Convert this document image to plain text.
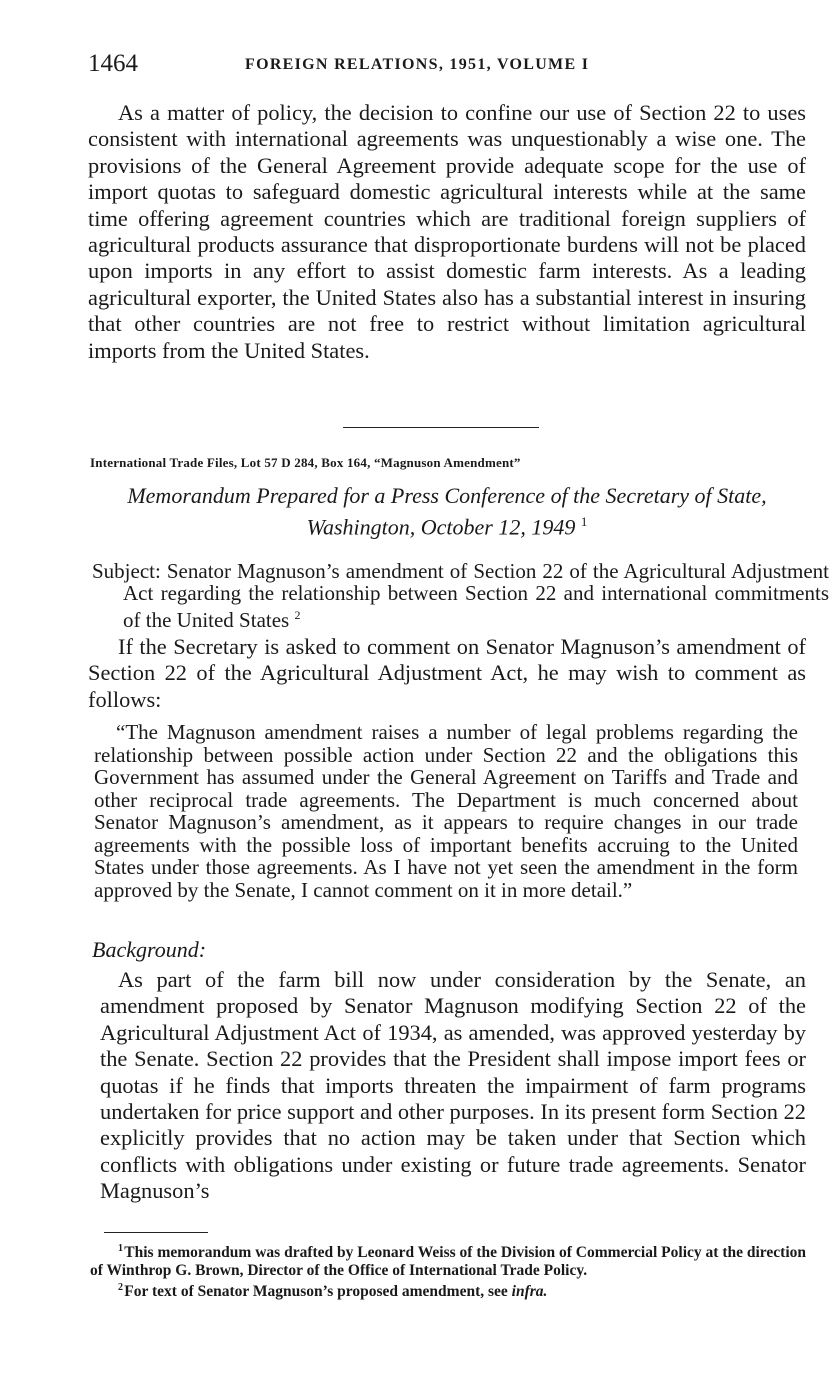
1464	FOREIGN RELATIONS, 1951, VOLUME I

As a matter of policy, the decision to confine our use of Section 22 to uses consistent with international agreements was unquestionably a wise one. The provisions of the General Agreement provide adequate scope for the use of import quotas to safeguard domestic agricultural interests while at the same time offering agreement countries which are traditional foreign suppliers of agricultural products assurance that disproportionate burdens will not be placed upon imports in any effort to assist domestic farm interests. As a leading agricultural exporter, the United States also has a substantial interest in insuring that other countries are not free to restrict without limitation agricultural imports from the United States.

International Trade Files, Lot 57 D 284, Box 164, “Magnuson Amendment”
Memorandum Prepared for a Press Conference of the Secretary of State, Washington, October 12, 1949 $^1$

Subject: Senator Magnuson’s amendment of Section 22 of the Agricultural Adjustment Act regarding the relationship between Section 22 and international commitments of the United States $^2$

If the Secretary is asked to comment on Senator Magnuson’s amendment of Section 22 of the Agricultural Adjustment Act, he may wish to comment as follows:

“The Magnuson amendment raises a number of legal problems regarding the relationship between possible action under Section 22 and the obligations this Government has assumed under the General Agreement on Tariffs and Trade and other reciprocal trade agreements. The Department is much concerned about Senator Magnuson’s amendment, as it appears to require changes in our trade agreements with the possible loss of important benefits accruing to the United States under those agreements. As I have not yet seen the amendment in the form approved by the Senate, I cannot comment on it in more detail.”

Background:

As part of the farm bill now under consideration by the Senate, an amendment proposed by Senator Magnuson modifying Section 22 of the Agricultural Adjustment Act of 1934, as amended, was approved yesterday by the Senate. Section 22 provides that the President shall impose import fees or quotas if he finds that imports threaten the impairment of farm programs undertaken for price support and other purposes. In its present form Section 22 explicitly provides that no action may be taken under that Section which conflicts with obligations under existing or future trade agreements. Senator Magnuson’s

$^1$ This memorandum was drafted by Leonard Weiss of the Division of Commercial Policy at the direction of Winthrop G. Brown, Director of the Office of International Trade Policy.

$^2$ For text of Senator Magnuson’s proposed amendment, see infra.
